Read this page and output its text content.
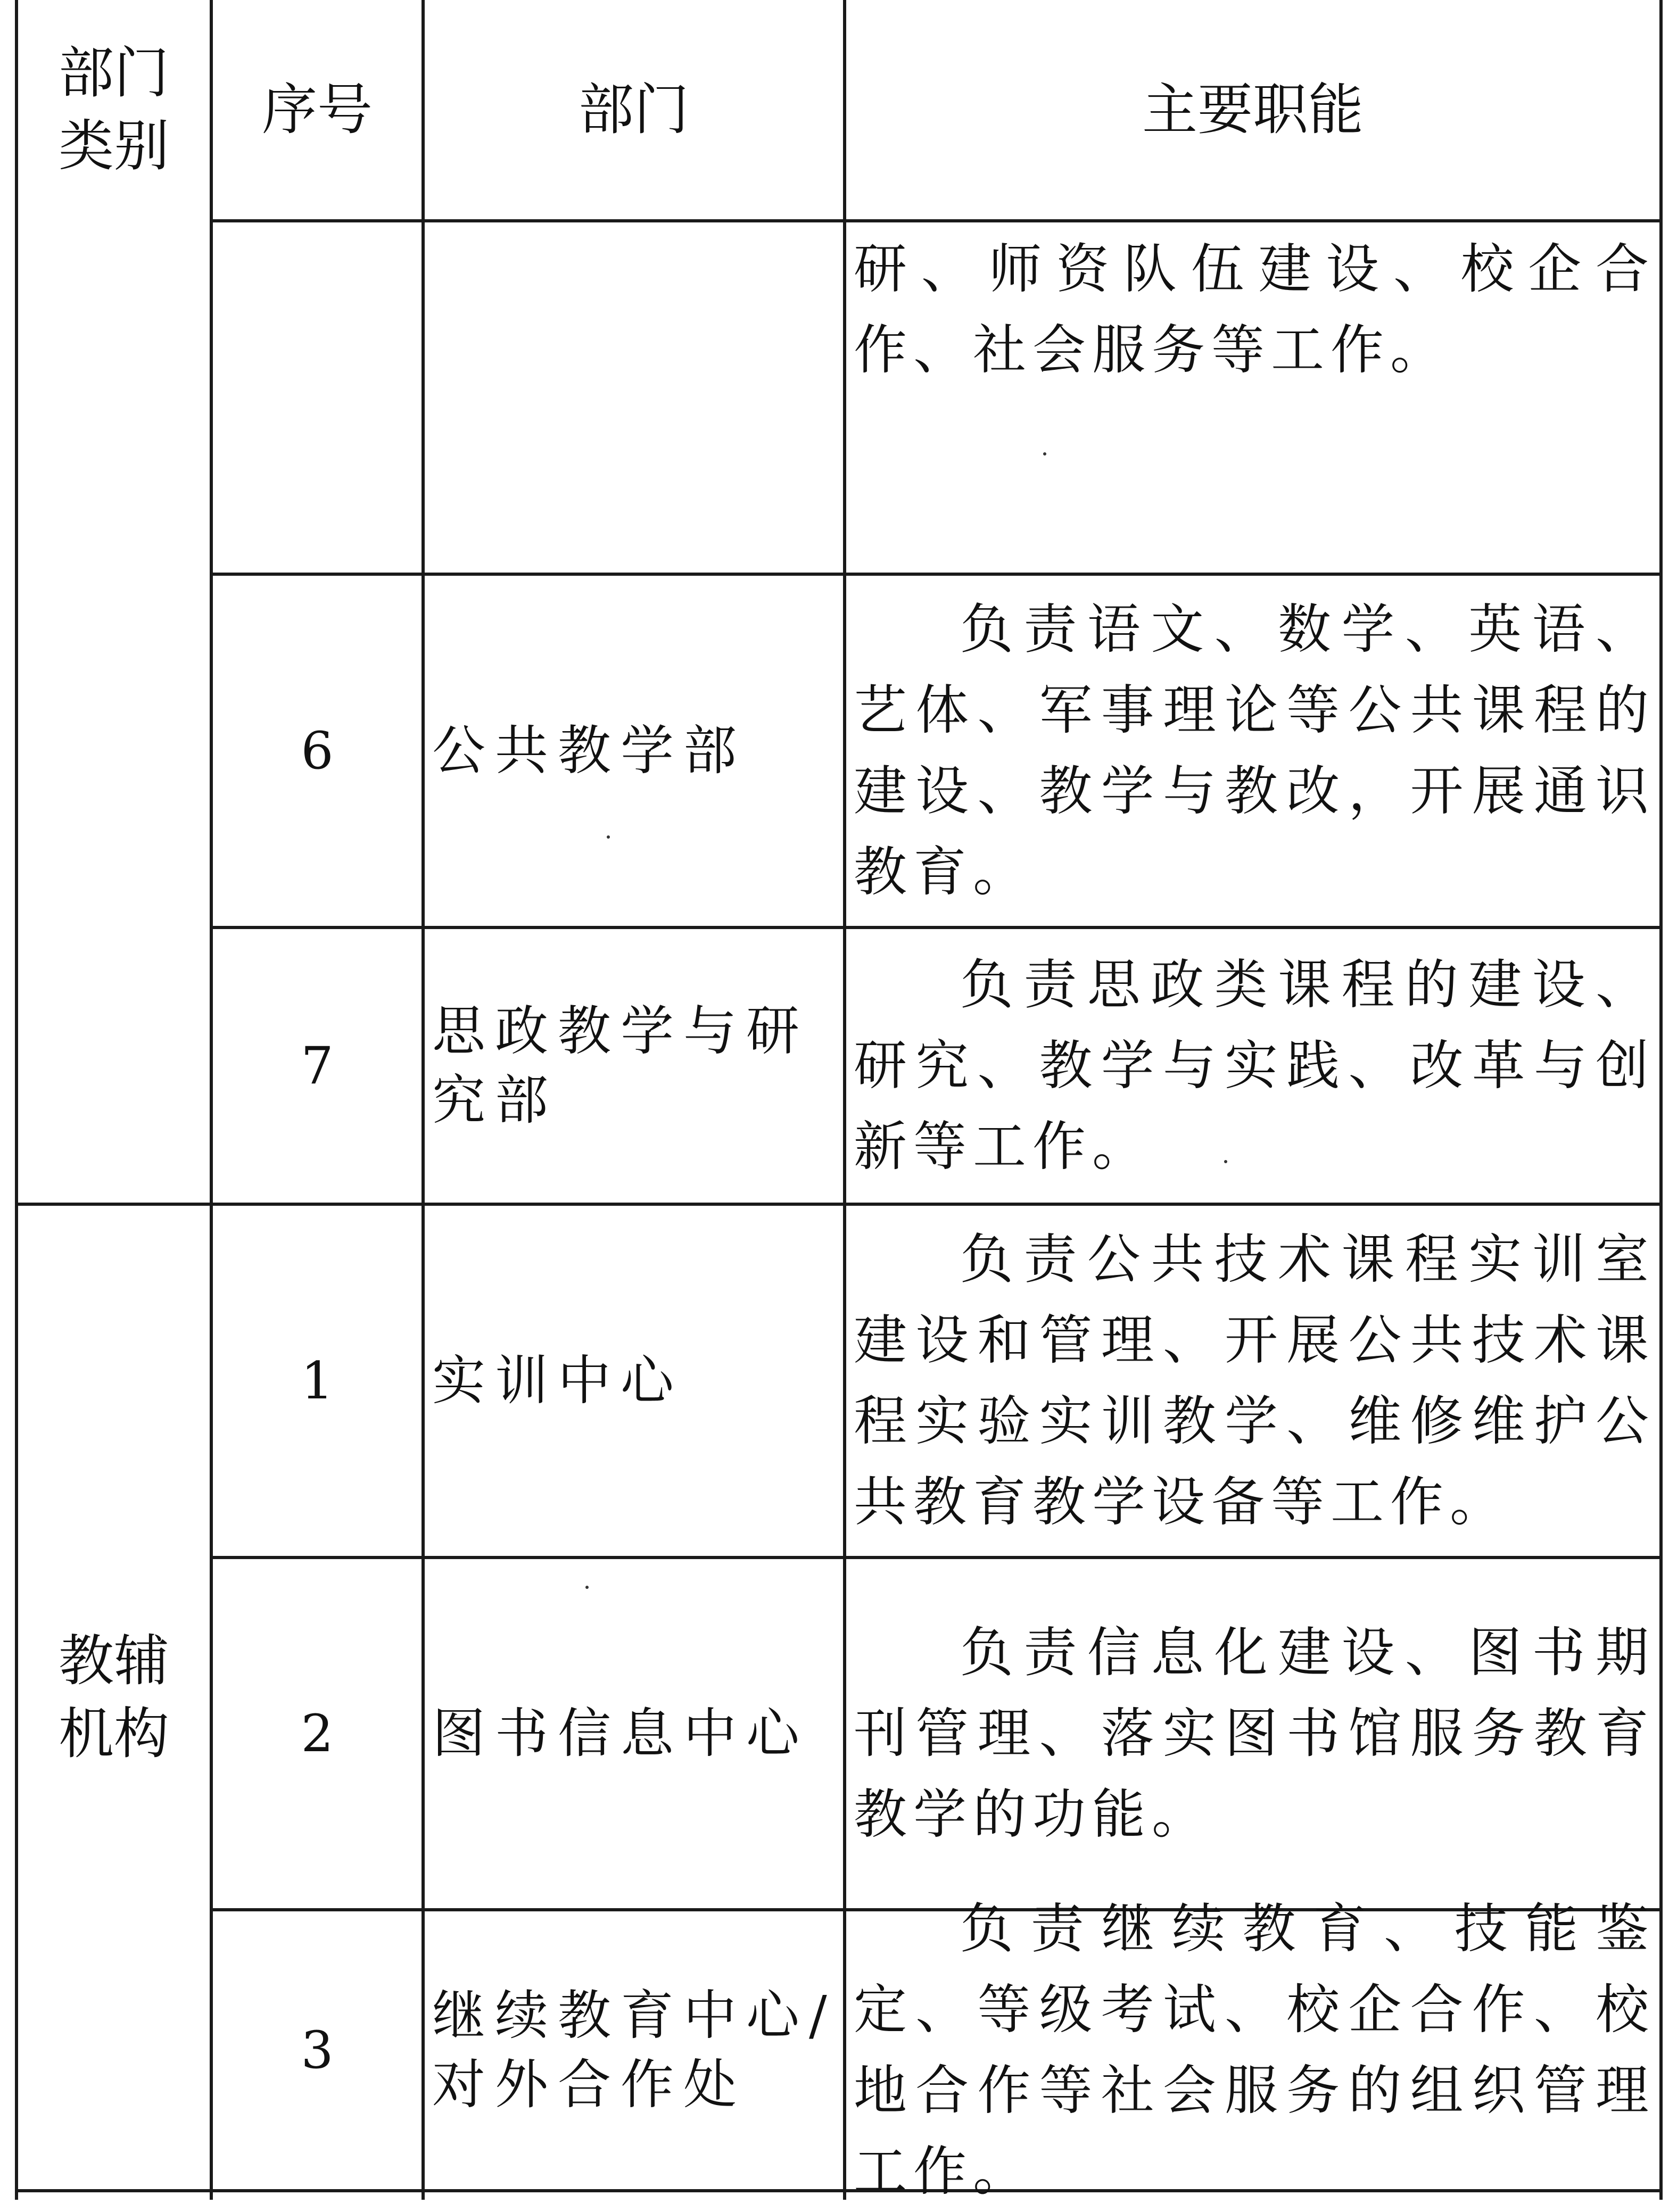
部门
类别
序号	部门	主要职能
研、师资队伍建设、校企合作、社会服务等工作。
6 公共教学部
负责语文、数学、英语、艺体、军事理论等公共课程的建设、教学与教改，开展通识教育。
7
思政教学与研究部
负责思政类课程的建设、研究、教学与实践、改革与创新等工作。
教辅
机构
1 实训中心
负责公共技术课程实训室建设和管理、开展公共技术课程实验实训教学、维修维护公共教育教学设备等工作。
2 图书信息中心
负责信息化建设、图书期刊管理、落实图书馆服务教育教学的功能。
3
继续教育中心/对外合作处
负责继续教育、技能鉴定、等级考试、校企合作、校地合作等社会服务的组织管理工作。
